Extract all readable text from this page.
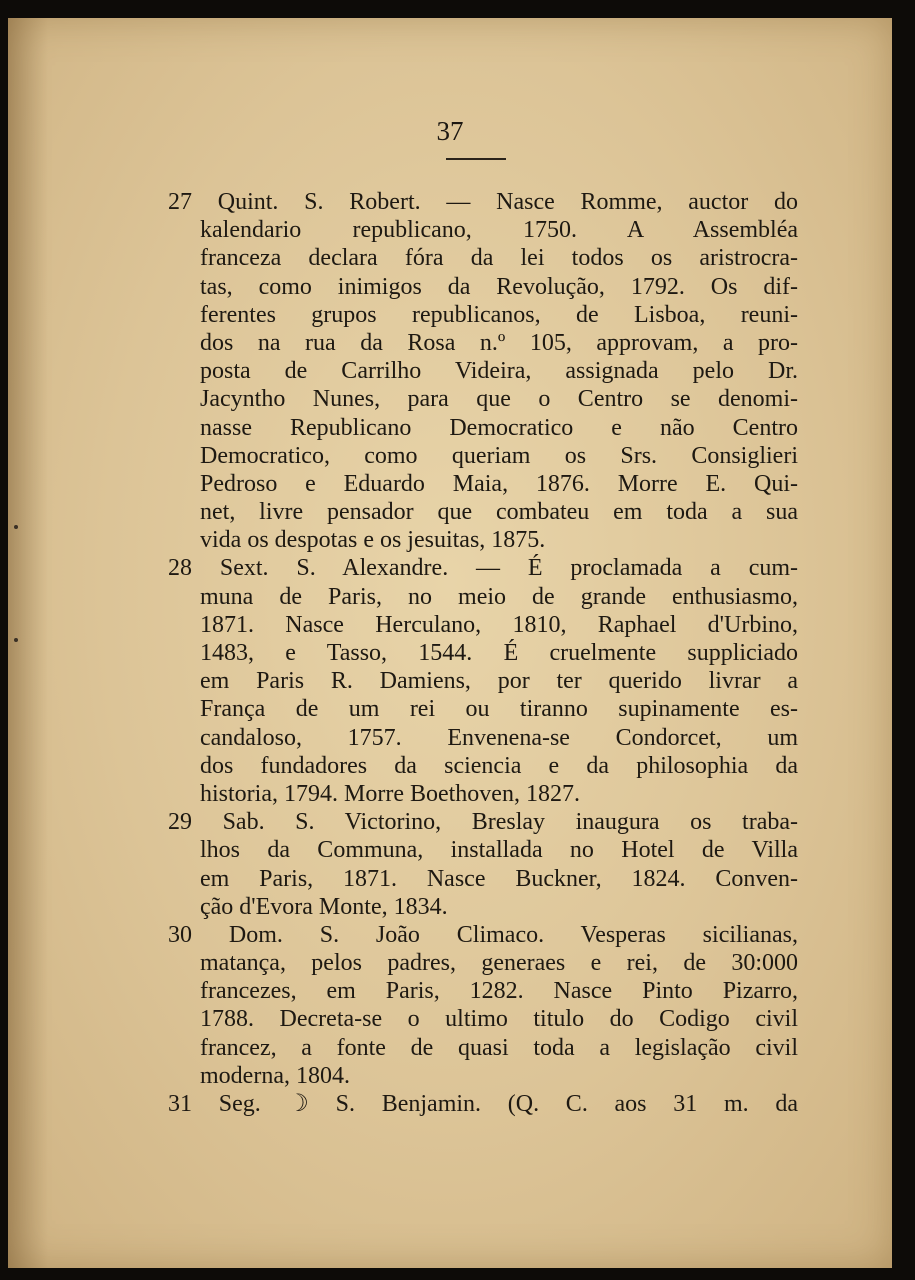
37
27 Quint. S. Robert. — Nasce Romme, auctor do
kalendario republicano, 1750. A Assembléa
franceza declara fóra da lei todos os aristrocra-
tas, como inimigos da Revolução, 1792. Os dif-
ferentes grupos republicanos, de Lisboa, reuni-
dos na rua da Rosa n.º 105, approvam, a pro-
posta de Carrilho Videira, assignada pelo Dr.
Jacyntho Nunes, para que o Centro se denomi-
nasse Republicano Democratico e não Centro
Democratico, como queriam os Srs. Consiglieri
Pedroso e Eduardo Maia, 1876. Morre E. Qui-
net, livre pensador que combateu em toda a sua
vida os despotas e os jesuitas, 1875.
28 Sext. S. Alexandre. — É proclamada a cum-
muna de Paris, no meio de grande enthusiasmo,
1871. Nasce Herculano, 1810, Raphael d'Urbino,
1483, e Tasso, 1544. É cruelmente suppliciado
em Paris R. Damiens, por ter querido livrar a
França de um rei ou tiranno supinamente es-
candaloso, 1757. Envenena-se Condorcet, um
dos fundadores da sciencia e da philosophia da
historia, 1794. Morre Boethoven, 1827.
29 Sab. S. Victorino, Breslay inaugura os traba-
lhos da Communa, installada no Hotel de Villa
em Paris, 1871. Nasce Buckner, 1824. Conven-
ção d'Evora Monte, 1834.
30 Dom. S. João Climaco. Vesperas sicilianas,
matança, pelos padres, generaes e rei, de 30:000
francezes, em Paris, 1282. Nasce Pinto Pizarro,
1788. Decreta-se o ultimo titulo do Codigo civil
francez, a fonte de quasi toda a legislação civil
moderna, 1804.
31 Seg. ☽ S. Benjamin. (Q. C. aos 31 m. da
